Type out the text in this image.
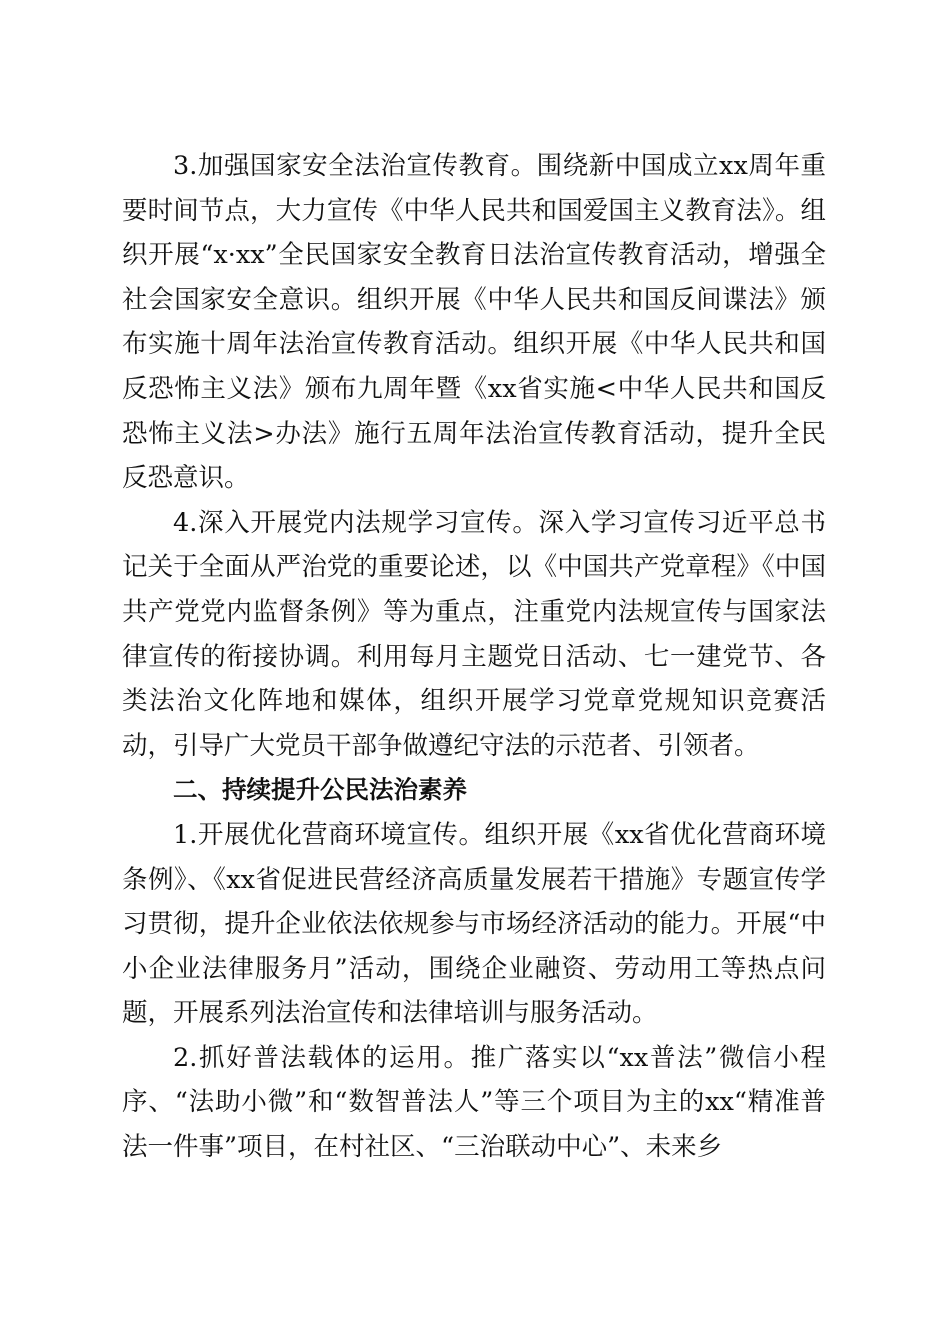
3.加强国家安全法治宣传教育。围绕新中国成立xx周年重要时间节点，大力宣传《中华人民共和国爱国主义教育法》。组织开展“x·xx”全民国家安全教育日法治宣传教育活动，增强全社会国家安全意识。组织开展《中华人民共和国反间谍法》颁布实施十周年法治宣传教育活动。组织开展《中华人民共和国反恐怖主义法》颁布九周年暨《xx省实施<中华人民共和国反恐怖主义法>办法》施行五周年法治宣传教育活动，提升全民反恐意识。

4.深入开展党内法规学习宣传。深入学习宣传习近平总书记关于全面从严治党的重要论述，以《中国共产党章程》《中国共产党党内监督条例》等为重点，注重党内法规宣传与国家法律宣传的衔接协调。利用每月主题党日活动、七一建党节、各类法治文化阵地和媒体，组织开展学习党章党规知识竞赛活动，引导广大党员干部争做遵纪守法的示范者、引领者。

二、持续提升公民法治素养

1.开展优化营商环境宣传。组织开展《xx省优化营商环境条例》、《xx省促进民营经济高质量发展若干措施》专题宣传学习贯彻，提升企业依法依规参与市场经济活动的能力。开展“中小企业法律服务月”活动，围绕企业融资、劳动用工等热点问题，开展系列法治宣传和法律培训与服务活动。

2.抓好普法载体的运用。推广落实以“xx普法”微信小程序、“法助小微”和“数智普法人”等三个项目为主的xx“精准普法一件事”项目，在村社区、“三治联动中心”、未来乡
